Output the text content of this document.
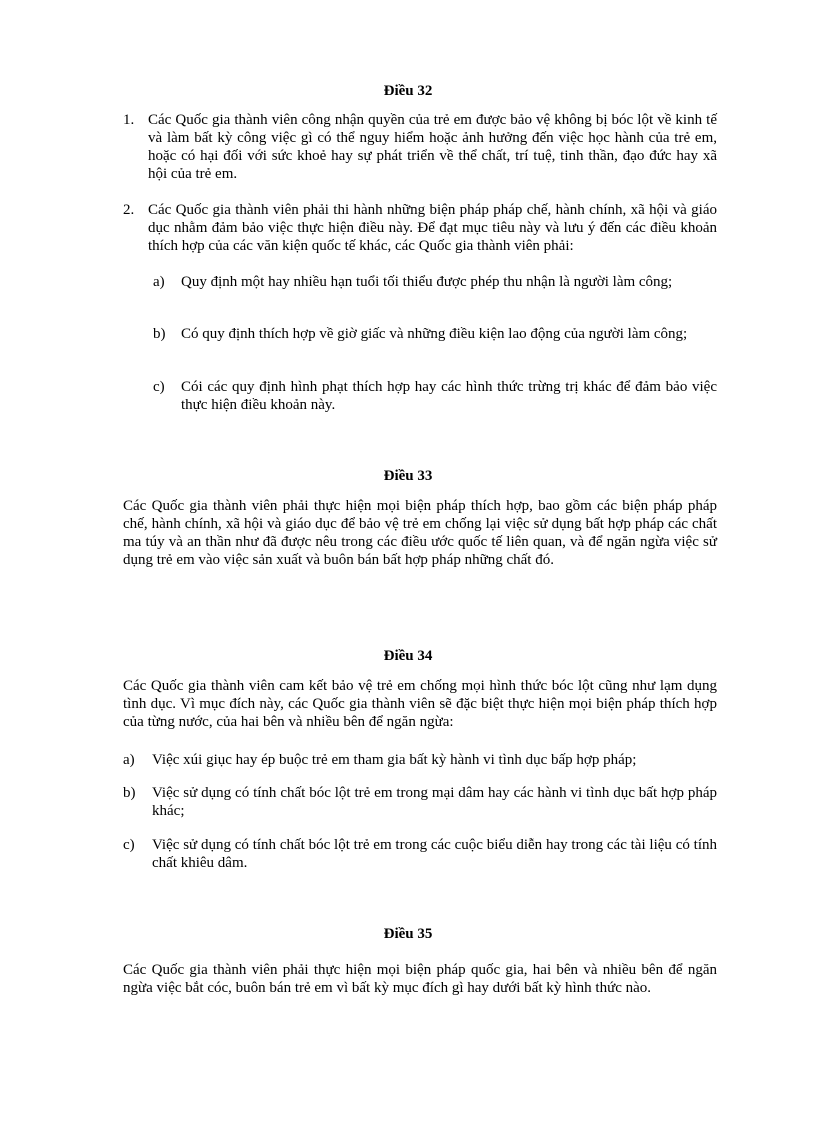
Điều 32
1. Các Quốc gia thành viên công nhận quyền của trẻ em được bảo vệ không bị bóc lột về kinh tế và làm bất kỳ công việc gì có thể nguy hiểm hoặc ảnh hưởng đến việc học hành của trẻ em, hoặc có hại đối với sức khoẻ hay sự phát triển về thể chất, trí tuệ, tinh thần, đạo đức hay xã hội của trẻ em.
2. Các Quốc gia thành viên phải thi hành những biện pháp pháp chế, hành chính, xã hội và giáo dục nhằm đảm bảo việc thực hiện điều này. Để đạt mục tiêu này và lưu ý đến các điều khoản thích hợp của các văn kiện quốc tế khác, các Quốc gia thành viên phải:
a) Quy định một hay nhiều hạn tuổi tối thiểu được phép thu nhận là người làm công;
b) Có quy định thích hợp về giờ giấc và những điều kiện lao động của người làm công;
c) Cói các quy định hình phạt thích hợp hay các hình thức trừng trị khác để đảm bảo việc thực hiện điều khoản này.
Điều 33
Các Quốc gia thành viên phải thực hiện mọi biện pháp thích hợp, bao gồm các biện pháp pháp chế, hành chính, xã hội và giáo dục để bảo vệ trẻ em chống lại việc sử dụng bất hợp pháp các chất ma túy và an thần như đã được nêu trong các điều ước quốc tế liên quan, và để ngăn ngừa việc sử dụng trẻ em vào việc sản xuất và buôn bán bất hợp pháp những chất đó.
Điều 34
Các Quốc gia thành viên cam kết bảo vệ trẻ em chống mọi hình thức bóc lột cũng như lạm dụng tình dục. Vì mục đích này, các Quốc gia thành viên sẽ đặc biệt thực hiện mọi biện pháp thích hợp của từng nước, của hai bên và nhiều bên để ngăn ngừa:
a) Việc xúi giục hay ép buộc trẻ em tham gia bất kỳ hành vi tình dục bấp hợp pháp;
b) Việc sử dụng có tính chất bóc lột trẻ em trong mại dâm hay các hành vi tình dục bất hợp pháp khác;
c) Việc sử dụng có tính chất bóc lột trẻ em trong các cuộc biểu diễn hay trong các tài liệu có tính chất khiêu dâm.
Điều 35
Các Quốc gia thành viên phải thực hiện mọi biện pháp quốc gia, hai bên và nhiều bên để ngăn ngừa việc bắt cóc, buôn bán trẻ em vì bất kỳ mục đích gì hay dưới bất kỳ hình thức nào.
